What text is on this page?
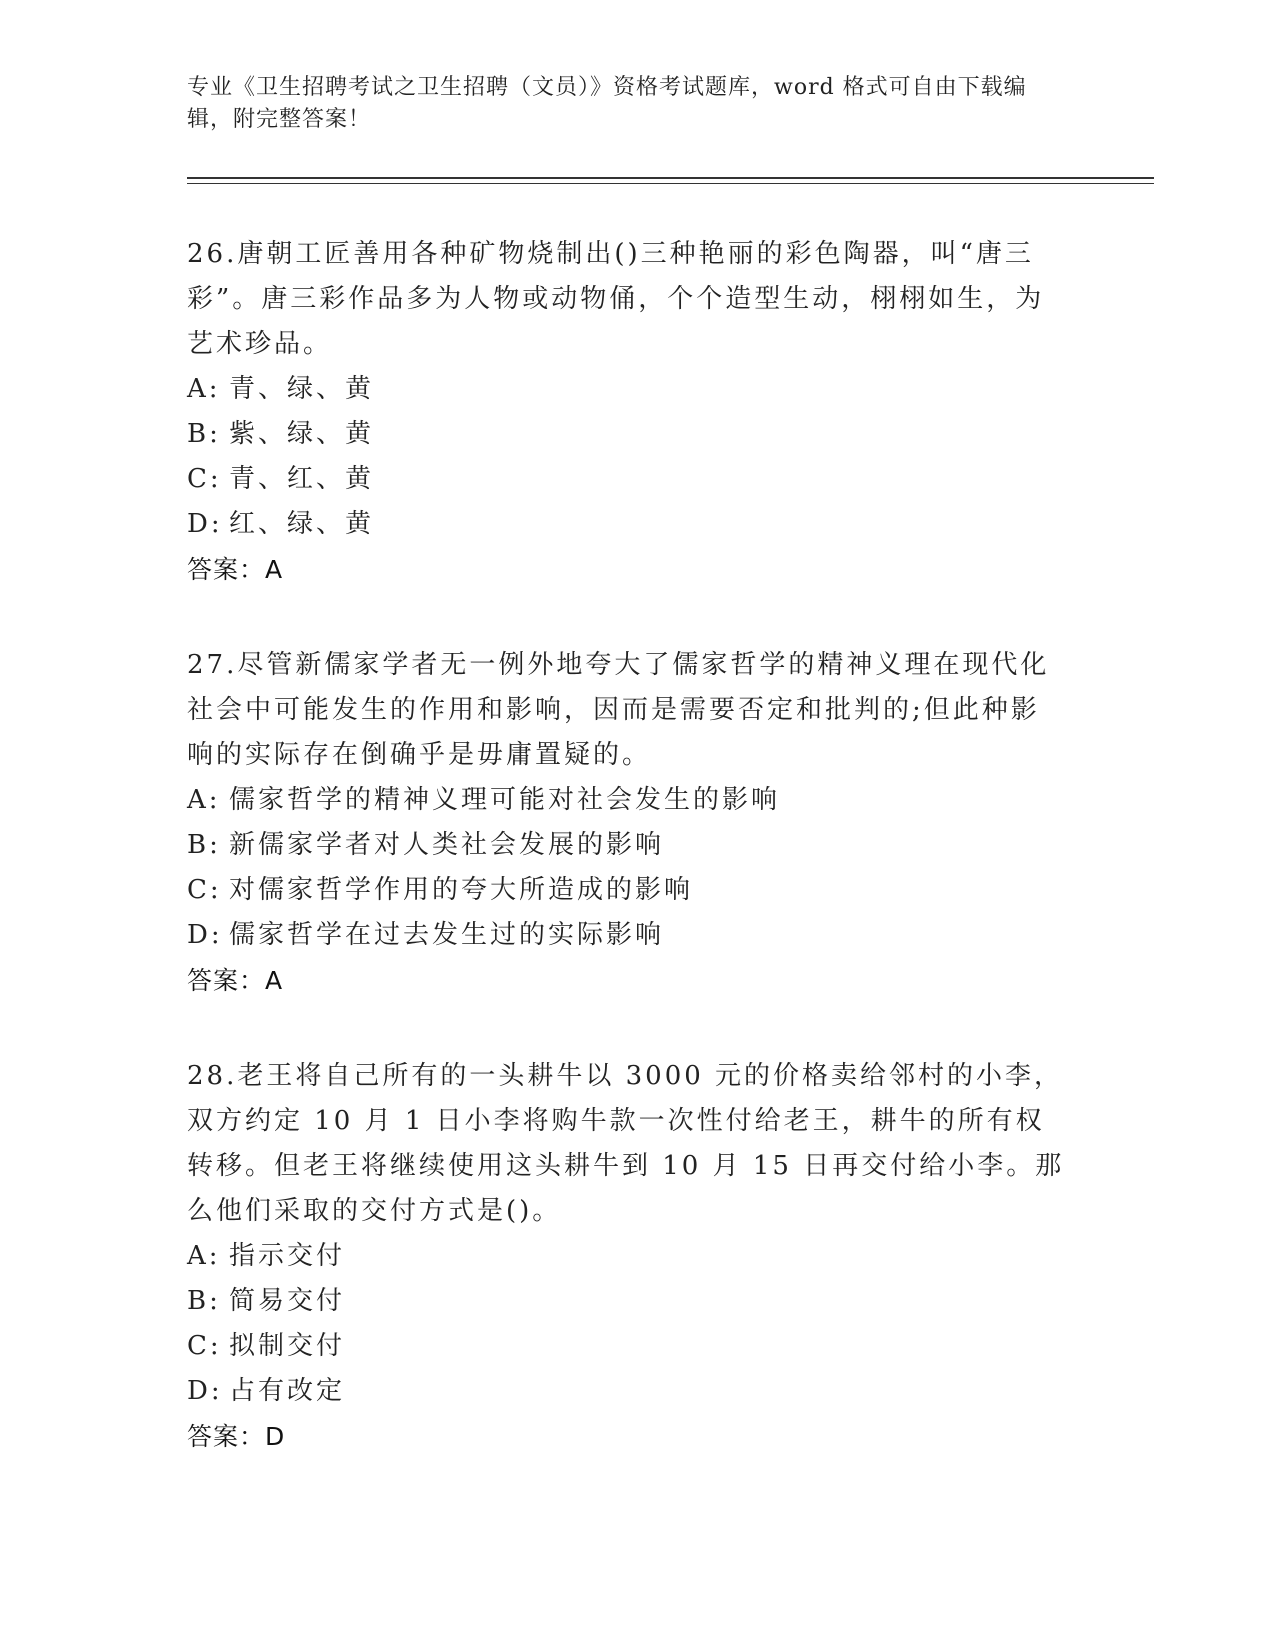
专业《卫生招聘考试之卫生招聘（文员）》资格考试题库，word 格式可自由下载编辑，附完整答案！

26.唐朝工匠善用各种矿物烧制出()三种艳丽的彩色陶器，叫“唐三彩”。唐三彩作品多为人物或动物俑，个个造型生动，栩栩如生，为艺术珍品。

A: 青、绿、黄

B: 紫、绿、黄

C: 青、红、黄

D: 红、绿、黄

答案：A

27.尽管新儒家学者无一例外地夸大了儒家哲学的精神义理在现代化社会中可能发生的作用和影响，因而是需要否定和批判的;但此种影响的实际存在倒确乎是毋庸置疑的。

A: 儒家哲学的精神义理可能对社会发生的影响

B: 新儒家学者对人类社会发展的影响

C: 对儒家哲学作用的夸大所造成的影响

D: 儒家哲学在过去发生过的实际影响

答案：A

28.老王将自己所有的一头耕牛以 3000 元的价格卖给邻村的小李，双方约定 10 月 1 日小李将购牛款一次性付给老王，耕牛的所有权转移。但老王将继续使用这头耕牛到 10 月 15 日再交付给小李。那么他们采取的交付方式是()。

A: 指示交付

B: 简易交付

C: 拟制交付

D: 占有改定

答案：D
